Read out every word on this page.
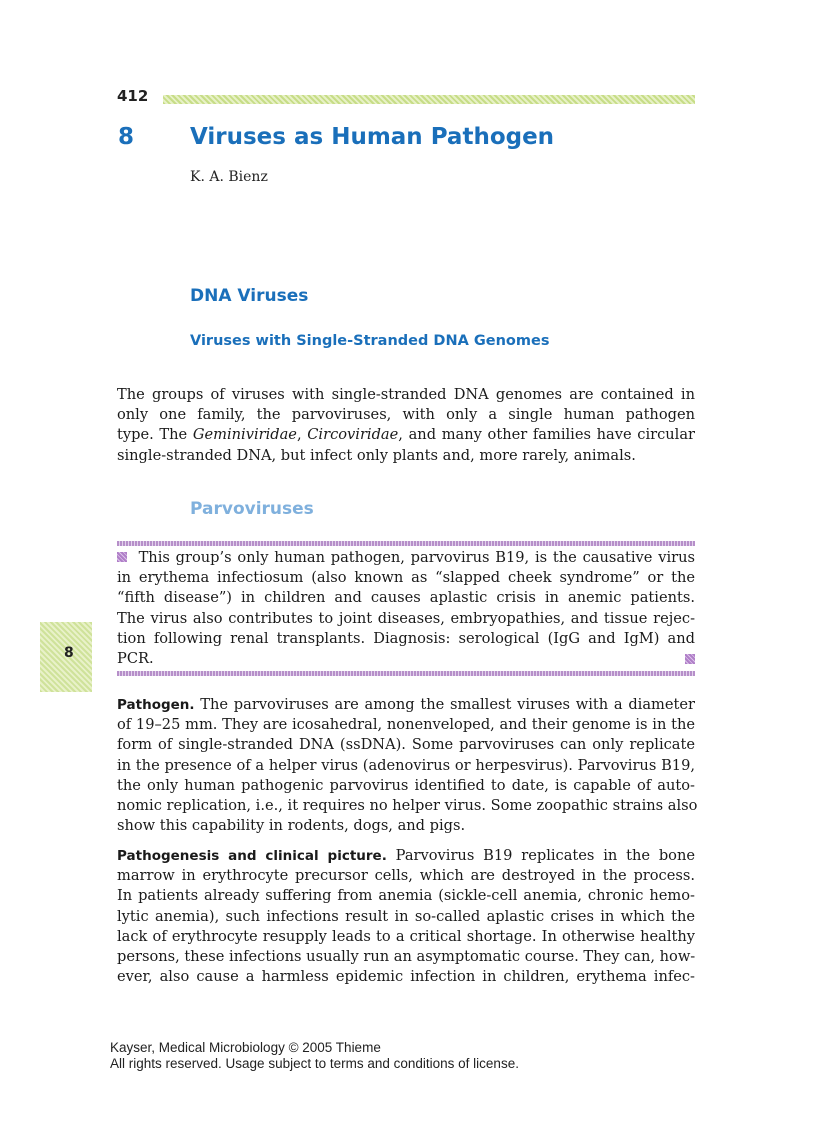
412
8 Viruses as Human Pathogen
K. A. Bienz
DNA Viruses
Viruses with Single-Stranded DNA Genomes
The groups of viruses with single-stranded DNA genomes are contained in
only one family, the parvoviruses, with only a single human pathogen
type. The Geminiviridae, Circoviridae, and many other families have circular
single-stranded DNA, but infect only plants and, more rarely, animals.
Parvoviruses
This group’s only human pathogen, parvovirus B19, is the causative virus
in erythema infectiosum (also known as “slapped cheek syndrome” or the
“fifth disease”) in children and causes aplastic crisis in anemic patients.
The virus also contributes to joint diseases, embryopathies, and tissue rejec-
tion following renal transplants. Diagnosis: serological (IgG and IgM) and
PCR.
8
Pathogen. The parvoviruses are among the smallest viruses with a diameter
of 19–25 mm. They are icosahedral, nonenveloped, and their genome is in the
form of single-stranded DNA (ssDNA). Some parvoviruses can only replicate
in the presence of a helper virus (adenovirus or herpesvirus). Parvovirus B19,
the only human pathogenic parvovirus identified to date, is capable of auto-
nomic replication, i.e., it requires no helper virus. Some zoopathic strains also
show this capability in rodents, dogs, and pigs.
Pathogenesis and clinical picture. Parvovirus B19 replicates in the bone
marrow in erythrocyte precursor cells, which are destroyed in the process.
In patients already suffering from anemia (sickle-cell anemia, chronic hemo-
lytic anemia), such infections result in so-called aplastic crises in which the
lack of erythrocyte resupply leads to a critical shortage. In otherwise healthy
persons, these infections usually run an asymptomatic course. They can, how-
ever, also cause a harmless epidemic infection in children, erythema infec-
Kayser, Medical Microbiology © 2005 Thieme
All rights reserved. Usage subject to terms and conditions of license.
